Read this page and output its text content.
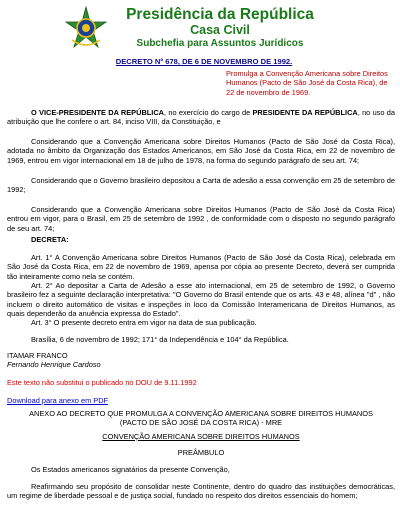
Presidência da República
Casa Civil
Subchefia para Assuntos Jurídicos
DECRETO Nº 678, DE 6 DE NOVEMBRO DE 1992.
Promulga a Convenção Americana sobre Direitos Humanos (Pacto de São José da Costa Rica), de 22 de novembro de 1969.
O VICE-PRESIDENTE DA REPÚBLICA, no exercício do cargo de PRESIDENTE DA REPÚBLICA, no uso da atribuição que lhe confere o art. 84, inciso VIII, da Constituição, e
Considerando que a Convenção Americana sobre Direitos Humanos (Pacto de São José da Costa Rica), adotada no âmbito da Organização dos Estados Americanos, em São José da Costa Rica, em 22 de novembro de 1969, entrou em vigor internacional em 18 de julho de 1978, na forma do segundo parágrafo de seu art. 74;
Considerando que o Governo brasileiro depositou a Carta de adesão a essa convenção em 25 de setembro de 1992;
Considerando que a Convenção Americana sobre Direitos Humanos (Pacto de São José da Costa Rica) entrou em vigor, para o Brasil, em 25 de setembro de 1992 , de conformidade com o disposto no segundo parágrafo de seu art. 74;
DECRETA:
Art. 1° A Convenção Americana sobre Direitos Humanos (Pacto de São José da Costa Rica), celebrada em São José da Costa Rica, em 22 de novembro de 1969, apensa por cópia ao presente Decreto, deverá ser cumprida tão inteiramente como nela se contém.
Art. 2° Ao depositar a Carta de Adesão a esse ato internacional, em 25 de setembro de 1992, o Governo brasileiro fez a seguinte declaração interpretativa: "O Governo do Brasil entende que os arts. 43 e 48, alínea "d" , não incluem o direito automático de visitas e inspeções in loco da Comissão Interamericana de Direitos Humanos, as quais dependerão da anuência expressa do Estado".
Art. 3° O presente decreto entra em vigor na data de sua publicação.
Brasília, 6 de novembro de 1992; 171° da Independência e 104° da República.
ITAMAR FRANCO
Fernando Henrique Cardoso
Este texto não substitui o publicado no DOU de 9.11.1992
Download para anexo em PDF
ANEXO AO DECRETO QUE PROMULGA A CONVENÇÃO AMERICANA SOBRE DIREITOS HUMANOS (PACTO DE SÃO JOSÉ DA COSTA RICA) - MRE
CONVENÇÃO AMERICANA SOBRE DIREITOS HUMANOS
PREÂMBULO
Os Estados americanos signatários da presente Convenção,
Reafirmando seu propósito de consolidar neste Continente, dentro do quadro das instituições democráticas, um regime de liberdade pessoal e de justiça social, fundado no respeito dos direitos essenciais do homem;
